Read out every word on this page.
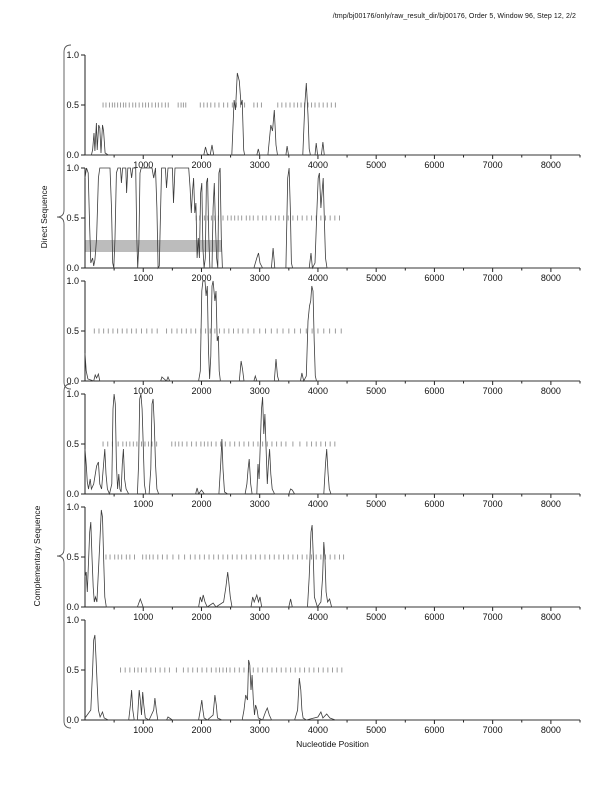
/tmp/bj00176/only/raw_result_dir/bj00176, Order 5, Window 96, Step 12, 2/2
1.0
0.5
0.0
1000	2000	3000	4000	5000	6000	7000	8000
1.0
0.5
0.0
1000	2000	3000	4000	5000	6000	7000	8000
1.0
0.5
0.0
1000	2000	3000	4000	5000	6000	7000	8000
1.0
0.5
0.0
1000	2000	3000	4000	5000	6000	7000	8000
1.0
0.5
0.0
1000	2000	3000	4000	5000	6000	7000	8000
1.0
0.5
0.0
1000	2000	3000	4000	5000	6000	7000	8000
Direct Sequence
Complementary Sequence
Nucleotide Position
